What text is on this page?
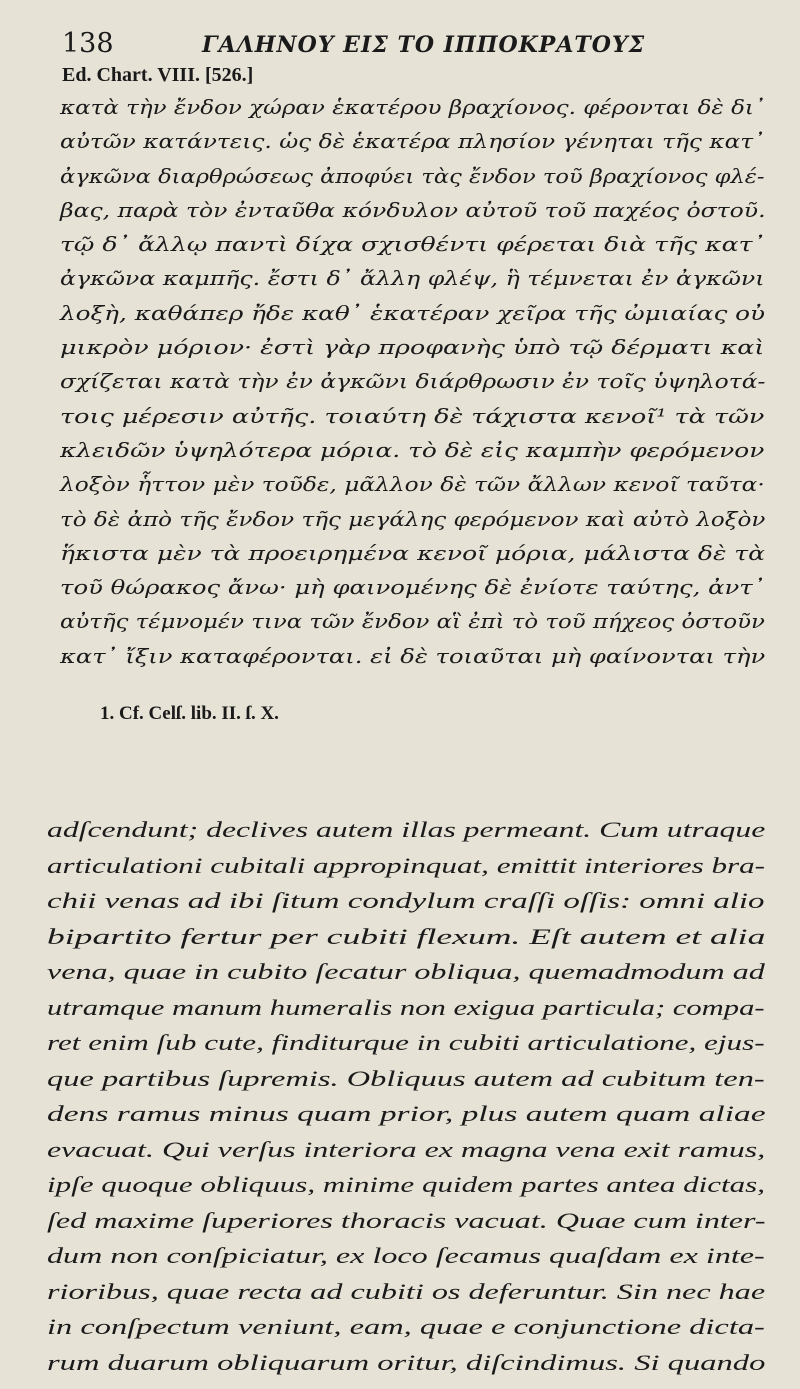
138	ΓΑΛΗΝΟΥ ΕΙΣ ΤΟ ΙΠΠΟΚΡΑΤΟΥΣ
Ed. Chart. VIII. [526.]
κατὰ τὴν ἔνδον χώραν ἑκατέρου βραχίονος. φέρονται δὲ δι᾽
αὐτῶν κατάντεις. ὡς δὲ ἑκατέρα πλησίον γένηται τῆς κατ᾽
ἀγκῶνα διαρθρώσεως ἀποφύει τὰς ἔνδον τοῦ βραχίονος φλέ-
βας, παρὰ τὸν ἐνταῦθα κόνδυλον αὐτοῦ τοῦ παχέος ὀστοῦ.
τῷ δ᾽ ἄλλῳ παντὶ δίχα σχισθέντι φέρεται διὰ τῆς κατ᾽
ἀγκῶνα καμπῆς. ἔστι δ᾽ ἄλλη φλέψ, ἣ τέμνεται ἐν ἀγκῶνι
λοξὴ, καθάπερ ἤδε καθ᾽ ἑκατέραν χεῖρα τῆς ὠμιαίας οὐ
μικρὸν μόριον· ἐστὶ γὰρ προφανὴς ὑπὸ τῷ δέρματι καὶ
σχίζεται κατὰ τὴν ἐν ἀγκῶνι διάρθρωσιν ἐν τοῖς ὑψηλοτά-
τοις μέρεσιν αὐτῆς. τοιαύτη δὲ τάχιστα κενοῖ¹ τὰ τῶν
κλειδῶν ὑψηλότερα μόρια. τὸ δὲ εἰς καμπὴν φερόμενον
λοξὸν ἧττον μὲν τοῦδε, μᾶλλον δὲ τῶν ἄλλων κενοῖ ταῦτα·
τὸ δὲ ἀπὸ τῆς ἔνδον τῆς μεγάλης φερόμενον καὶ αὐτὸ λοξὸν
ἥκιστα μὲν τὰ προειρημένα κενοῖ μόρια, μάλιστα δὲ τὰ
τοῦ θώρακος ἄνω· μὴ φαινομένης δὲ ἐνίοτε ταύτης, ἀντ᾽
αὐτῆς τέμνομέν τινα τῶν ἔνδον αἳ ἐπὶ τὸ τοῦ πήχεος ὀστοῦν
κατ᾽ ἴξιν καταφέρονται. εἰ δὲ τοιαῦται μὴ φαίνονται τὴν
1. Cf. Celſ. lib. II. ſ. X.
adſcendunt; declives autem illas permeant. Cum utraque
articulationi cubitali appropinquat, emittit interiores bra-
chii venas ad ibi ſitum condylum craſſi oſſis: omni alio
bipartito fertur per cubiti flexum. Eſt autem et alia
vena, quae in cubito ſecatur obliqua, quemadmodum ad
utramque manum humeralis non exigua particula; compa-
ret enim ſub cute, finditurque in cubiti articulatione, ejus-
que partibus ſupremis. Obliquus autem ad cubitum ten-
dens ramus minus quam prior, plus autem quam aliae
evacuat. Qui verſus interiora ex magna vena exit ramus,
ipſe quoque obliquus, minime quidem partes antea dictas,
ſed maxime ſuperiores thoracis vacuat. Quae cum inter-
dum non conſpiciatur, ex loco ſecamus quaſdam ex inte-
rioribus, quae recta ad cubiti os deferuntur. Sin nec hae
in conſpectum veniunt, eam, quae e conjunctione dicta-
rum duarum obliquarum oritur, diſcindimus. Si quando
